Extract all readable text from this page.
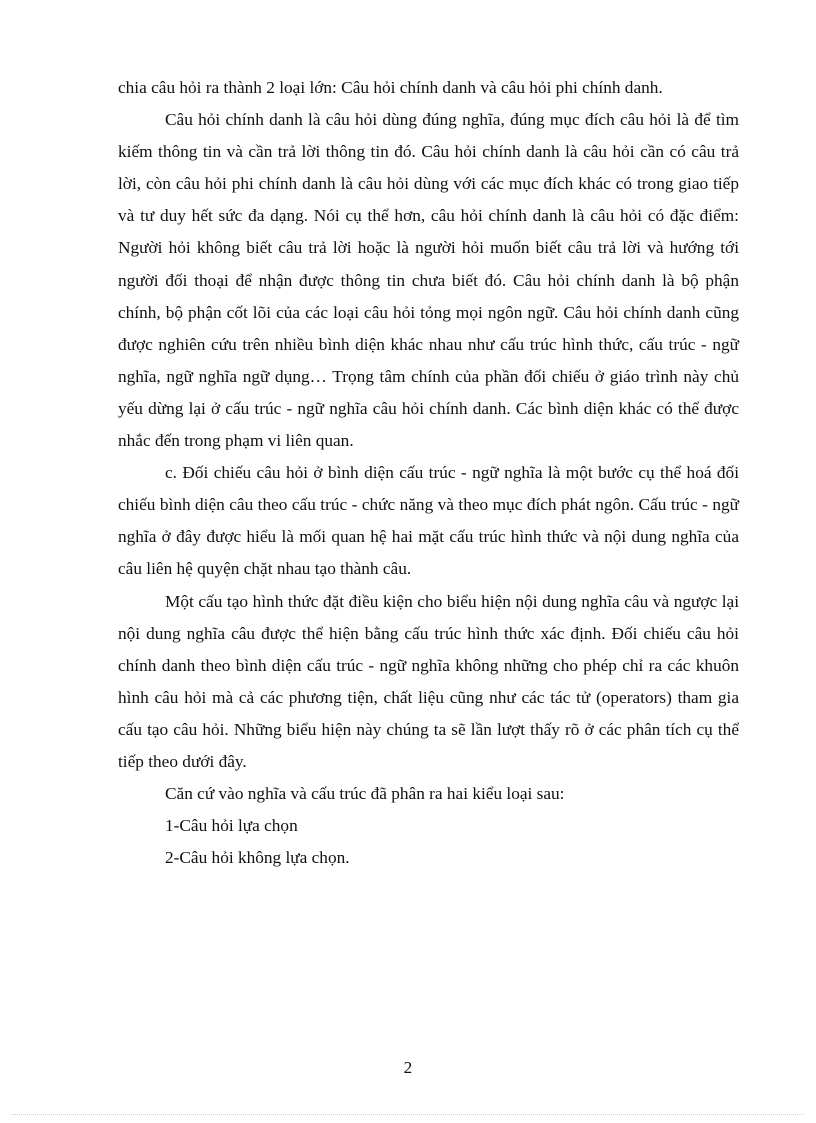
chia câu hỏi ra thành 2 loại lớn: Câu hỏi chính danh và câu hỏi phi chính danh.

Câu hỏi chính danh là câu hỏi dùng đúng nghĩa, đúng mục đích câu hỏi là để tìm kiếm thông tin và cần trả lời thông tin đó. Câu hỏi chính danh là câu hỏi cần có câu trả lời, còn câu hỏi phi chính danh là câu hỏi dùng với các mục đích khác có trong giao tiếp và tư duy hết sức đa dạng. Nói cụ thể hơn, câu hỏi chính danh là câu hỏi có đặc điểm: Người hỏi không biết câu trả lời hoặc là người hỏi muốn biết câu trả lời và hướng tới người đối thoại để nhận được thông tin chưa biết đó. Câu hỏi chính danh là bộ phận chính, bộ phận cốt lõi của các loại câu hỏi tỏng mọi ngôn ngữ. Câu hỏi chính danh cũng được nghiên cứu trên nhiều bình diện khác nhau như cấu trúc hình thức, cấu trúc - ngữ nghĩa, ngữ nghĩa ngữ dụng… Trọng tâm chính của phần đối chiếu ở giáo trình này chủ yếu dừng lại ở cấu trúc - ngữ nghĩa câu hỏi chính danh. Các bình diện khác có thể được nhắc đến trong phạm vi liên quan.

c. Đối chiếu câu hỏi ở bình diện cấu trúc - ngữ nghĩa là một bước cụ thể hoá đối chiếu bình diện câu theo cấu trúc - chức năng và theo mục đích phát ngôn. Cấu trúc - ngữ nghĩa ở đây được hiểu là mối quan hệ hai mặt cấu trúc hình thức và nội dung nghĩa của câu liên hệ quyện chặt nhau tạo thành câu.

Một cấu tạo hình thức đặt điều kiện cho biểu hiện nội dung nghĩa câu và ngược lại nội dung nghĩa câu được thể hiện bằng cấu trúc hình thức xác định. Đối chiếu câu hỏi chính danh theo bình diện cấu trúc - ngữ nghĩa không những cho phép chỉ ra các khuôn hình câu hỏi mà cả các phương tiện, chất liệu cũng như các tác tử (operators) tham gia cấu tạo câu hỏi. Những biểu hiện này chúng ta sẽ lần lượt thấy rõ ở các phân tích cụ thể tiếp theo dưới đây.

Căn cứ vào nghĩa và cấu trúc đã phân ra hai kiểu loại sau:

1-Câu hỏi lựa chọn

2-Câu hỏi không lựa chọn.

2
